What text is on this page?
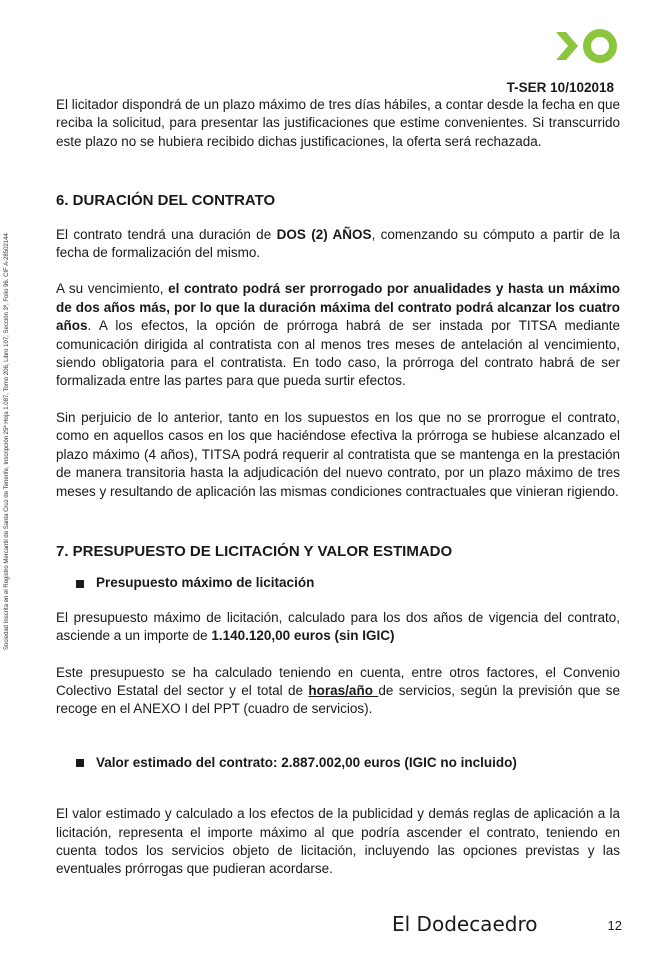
T-SER 10/102018
Sociedad Inscrita en el Registro Mercantil de Santa Cruz de Tenerife, Inscripción 25ª Hoja 1.087, Tomo 206, Libro 107, Sección 3ª, Folio 96. CIF A-28502144

El licitador dispondrá de un plazo máximo de tres días hábiles, a contar desde la fecha en que reciba la solicitud, para presentar las justificaciones que estime convenientes. Si transcurrido este plazo no se hubiera recibido dichas justificaciones, la oferta será rechazada.

6. DURACIÓN DEL CONTRATO

El contrato tendrá una duración de DOS (2) AÑOS, comenzando su cómputo a partir de la fecha de formalización del mismo.

A su vencimiento, el contrato podrá ser prorrogado por anualidades y hasta un máximo de dos años más, por lo que la duración máxima del contrato podrá alcanzar los cuatro años. A los efectos, la opción de prórroga habrá de ser instada por TITSA mediante comunicación dirigida al contratista con al menos tres meses de antelación al vencimiento, siendo obligatoria para el contratista. En todo caso, la prórroga del contrato habrá de ser formalizada entre las partes para que pueda surtir efectos.

Sin perjuicio de lo anterior, tanto en los supuestos en los que no se prorrogue el contrato, como en aquellos casos en los que haciéndose efectiva la prórroga se hubiese alcanzado el plazo máximo (4 años), TITSA podrá requerir al contratista que se mantenga en la prestación de manera transitoria hasta la adjudicación del nuevo contrato, por un plazo máximo de tres meses y resultando de aplicación las mismas condiciones contractuales que vinieran rigiendo.

7. PRESUPUESTO DE LICITACIÓN Y VALOR ESTIMADO
Presupuesto máximo de licitación

El presupuesto máximo de licitación, calculado para los dos años de vigencia del contrato, asciende a un importe de 1.140.120,00 euros (sin IGIC)

Este presupuesto se ha calculado teniendo en cuenta, entre otros factores, el Convenio Colectivo Estatal del sector y el total de horas/año de servicios, según la previsión que se recoge en el ANEXO I del PPT (cuadro de servicios).

Valor estimado del contrato: 2.887.002,00 euros (IGIC no incluido)

El valor estimado y calculado a los efectos de la publicidad y demás reglas de aplicación a la licitación, representa el importe máximo al que podría ascender el contrato, teniendo en cuenta todos los servicios objeto de licitación, incluyendo las opciones previstas y las eventuales prórrogas que pudieran acordarse.

El Dodecaedro	12
